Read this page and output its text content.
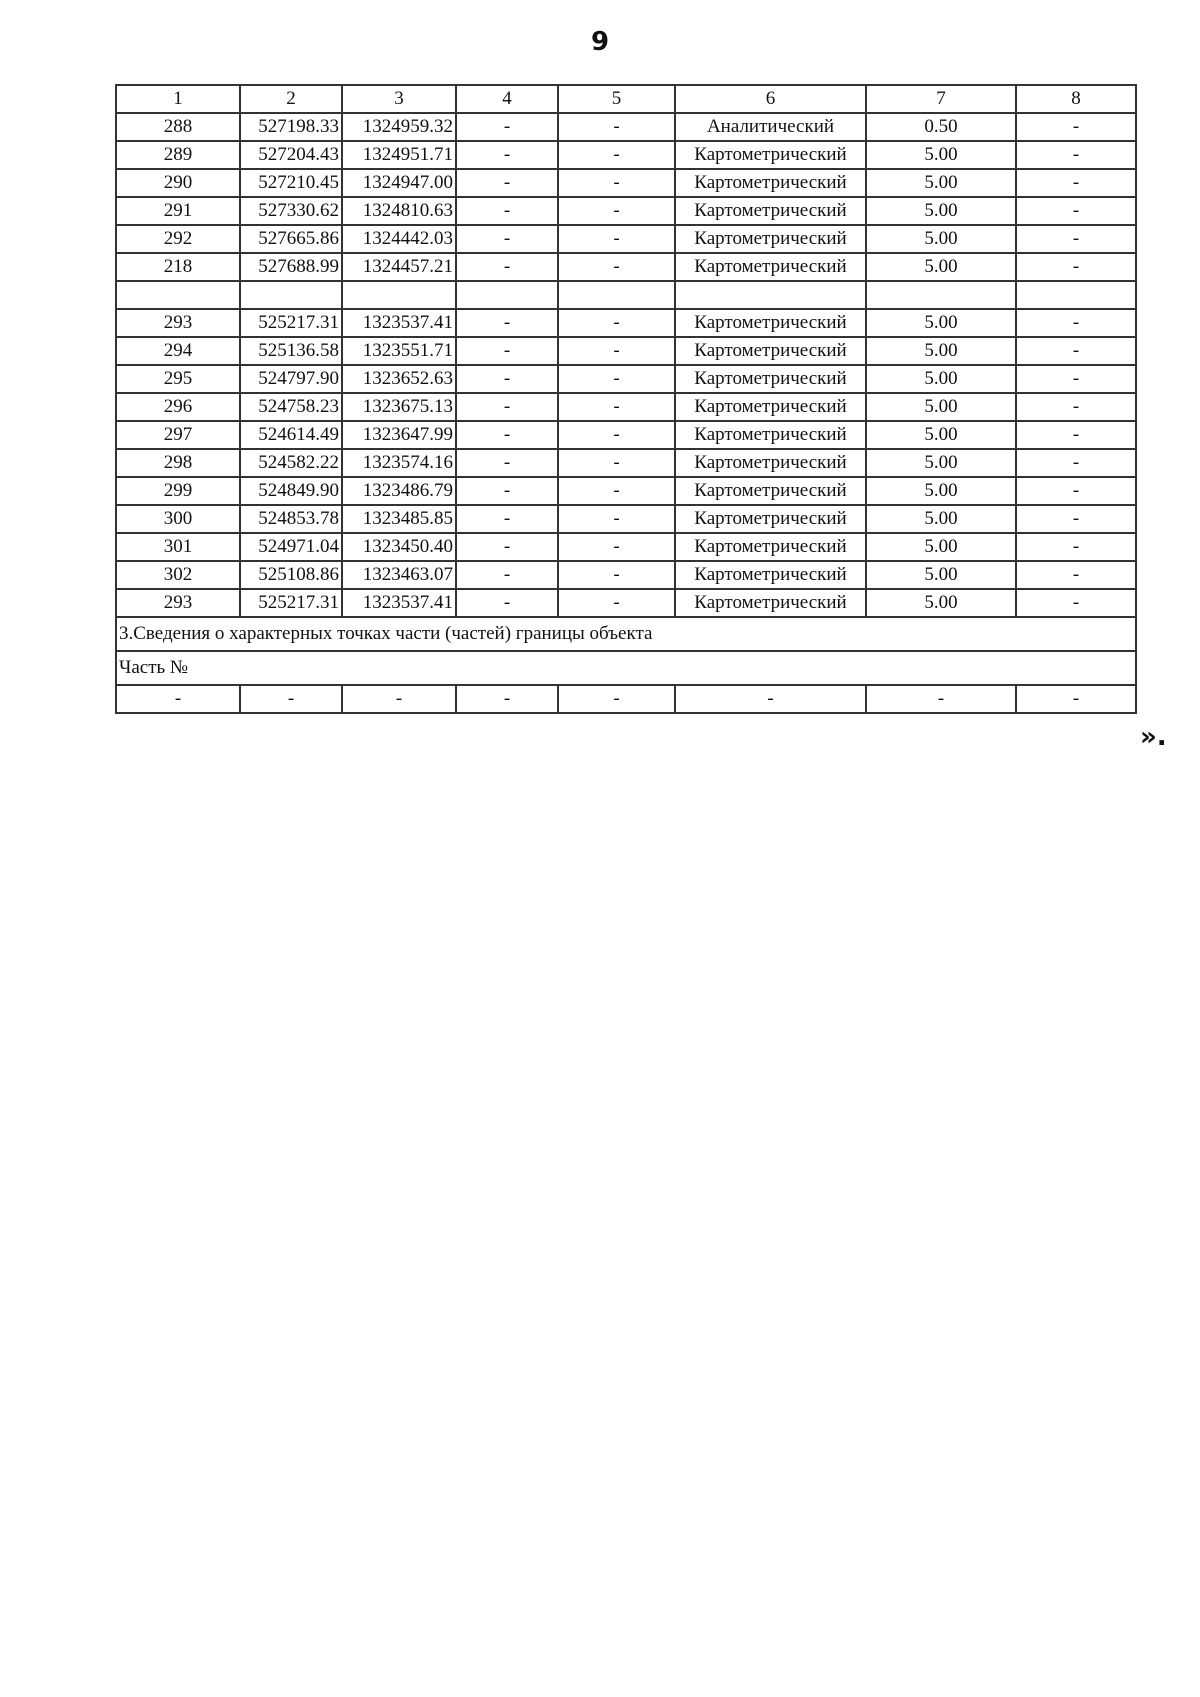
9
1	2	3	4	5	6	7	8
288	527198.33	1324959.32	-	-	Аналитический	0.50	-
289	527204.43	1324951.71	-	-	Картометрический	5.00	-
290	527210.45	1324947.00	-	-	Картометрический	5.00	-
291	527330.62	1324810.63	-	-	Картометрический	5.00	-
292	527665.86	1324442.03	-	-	Картометрический	5.00	-
218	527688.99	1324457.21	-	-	Картометрический	5.00	-

293	525217.31	1323537.41	-	-	Картометрический	5.00	-
294	525136.58	1323551.71	-	-	Картометрический	5.00	-
295	524797.90	1323652.63	-	-	Картометрический	5.00	-
296	524758.23	1323675.13	-	-	Картометрический	5.00	-
297	524614.49	1323647.99	-	-	Картометрический	5.00	-
298	524582.22	1323574.16	-	-	Картометрический	5.00	-
299	524849.90	1323486.79	-	-	Картометрический	5.00	-
300	524853.78	1323485.85	-	-	Картометрический	5.00	-
301	524971.04	1323450.40	-	-	Картометрический	5.00	-
302	525108.86	1323463.07	-	-	Картометрический	5.00	-
293	525217.31	1323537.41	-	-	Картометрический	5.00	-
3.Сведения о характерных точках части (частей) границы объекта							
Часть №							
-	-	-	-	-	-	-	-
».
